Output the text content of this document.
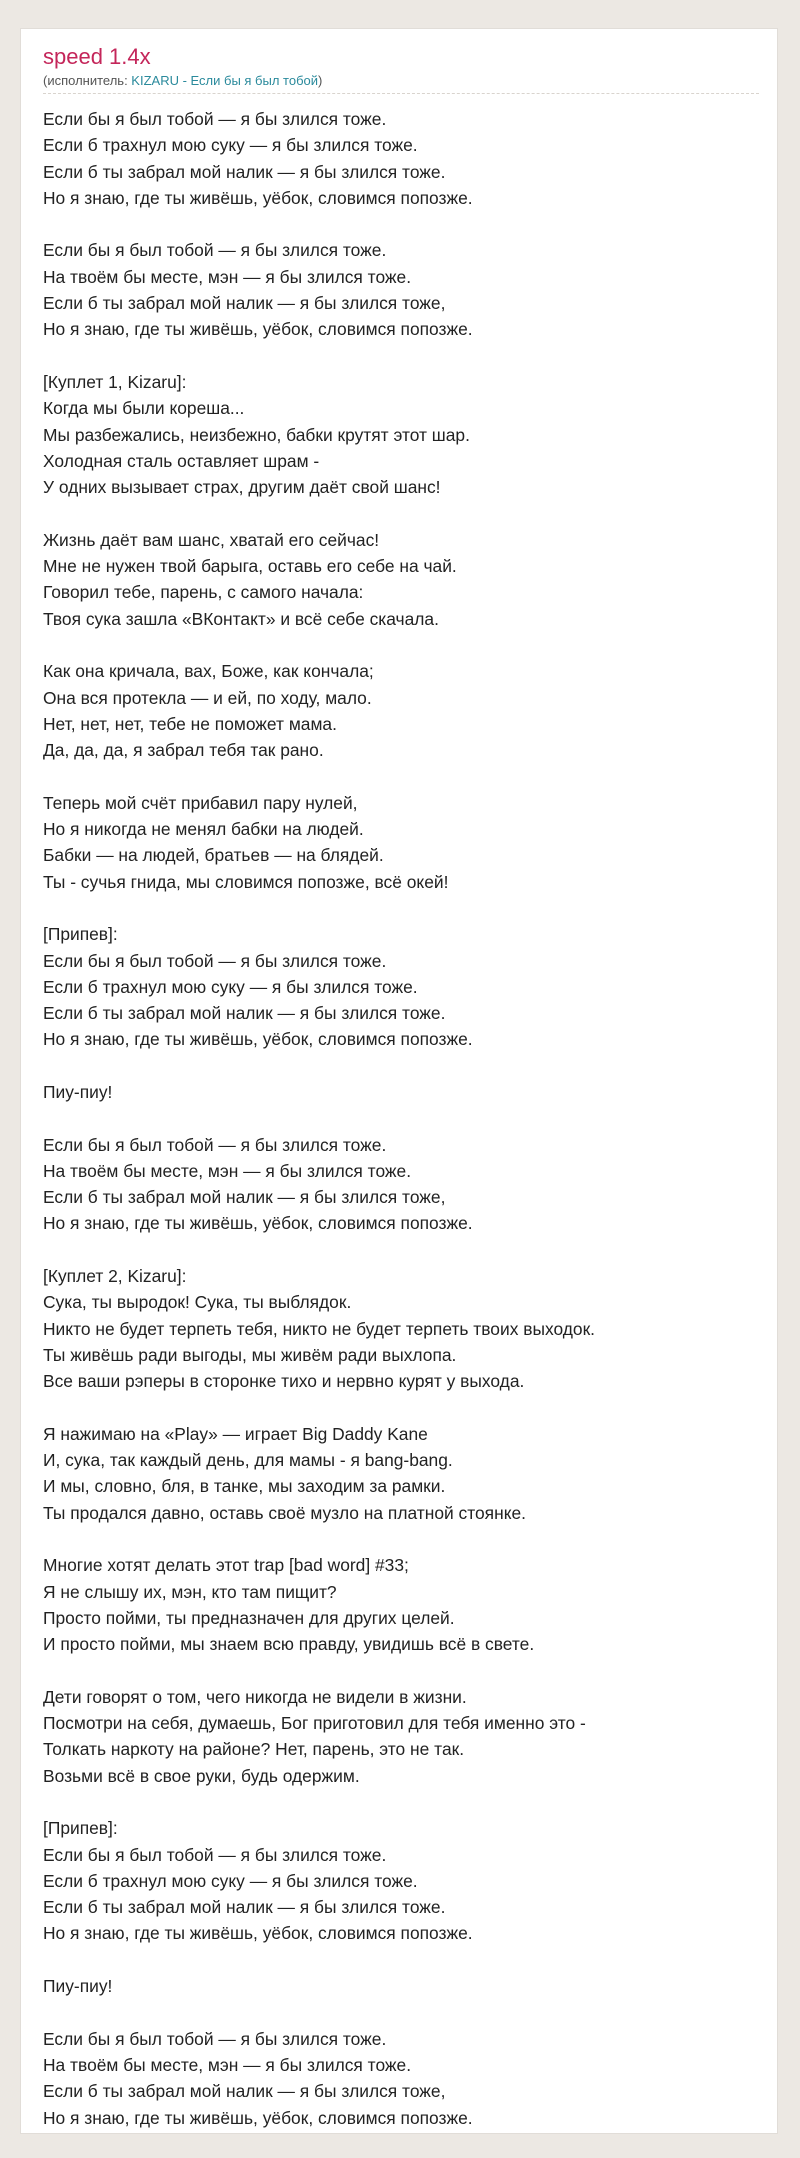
speed 1.4x
(исполнитель: KIZARU - Если бы я был тобой)
Если бы я был тобой — я бы злился тоже.
Если б трахнул мою суку — я бы злился тоже.
Если б ты забрал мой налик — я бы злился тоже.
Но я знаю, где ты живёшь, уёбок, словимся попозже.
Если бы я был тобой — я бы злился тоже.
На твоём бы месте, мэн — я бы злился тоже.
Если б ты забрал мой налик — я бы злился тоже,
Но я знаю, где ты живёшь, уёбок, словимся попозже.
[Куплет 1, Kizaru]:
Когда мы были кореша...
Мы разбежались, неизбежно, бабки крутят этот шар.
Холодная сталь оставляет шрам -
У одних вызывает страх, другим даёт свой шанс!
Жизнь даёт вам шанс, хватай его сейчас!
Мне не нужен твой барыга, оставь его себе на чай.
Говорил тебе, парень, с самого начала:
Твоя сука зашла «ВКонтакт» и всё себе скачала.
Как она кричала, вах, Боже, как кончала;
Она вся протекла — и ей, по ходу, мало.
Нет, нет, нет, тебе не поможет мама.
Да, да, да, я забрал тебя так рано.
Теперь мой счёт прибавил пару нулей,
Но я никогда не менял бабки на людей.
Бабки — на людей, братьев — на блядей.
Ты - сучья гнида, мы словимся попозже, всё окей!
[Припев]:
Если бы я был тобой — я бы злился тоже.
Если б трахнул мою суку — я бы злился тоже.
Если б ты забрал мой налик — я бы злился тоже.
Но я знаю, где ты живёшь, уёбок, словимся попозже.
Пиу-пиу!
Если бы я был тобой — я бы злился тоже.
На твоём бы месте, мэн — я бы злился тоже.
Если б ты забрал мой налик — я бы злился тоже,
Но я знаю, где ты живёшь, уёбок, словимся попозже.
[Куплет 2, Kizaru]:
Сука, ты выродок! Сука, ты выблядок.
Никто не будет терпеть тебя, никто не будет терпеть твоих выходок.
Ты живёшь ради выгоды, мы живём ради выхлопа.
Все ваши рэперы в сторонке тихо и нервно курят у выхода.
Я нажимаю на «Play» — играет Big Daddy Kane
И, сука, так каждый день, для мамы - я bang-bang.
И мы, словно, бля, в танке, мы заходим за рамки.
Ты продался давно, оставь своё музло на платной стоянке.
Многие хотят делать этот trap [bad word] #33;
Я не слышу их, мэн, кто там пищит?
Просто пойми, ты предназначен для других целей.
И просто пойми, мы знаем всю правду, увидишь всё в свете.
Дети говорят о том, чего никогда не видели в жизни.
Посмотри на себя, думаешь, Бог приготовил для тебя именно это -
Толкать наркоту на районе? Нет, парень, это не так.
Возьми всё в свое руки, будь одержим.
[Припев]:
Если бы я был тобой — я бы злился тоже.
Если б трахнул мою суку — я бы злился тоже.
Если б ты забрал мой налик — я бы злился тоже.
Но я знаю, где ты живёшь, уёбок, словимся попозже.
Пиу-пиу!
Если бы я был тобой — я бы злился тоже.
На твоём бы месте, мэн — я бы злился тоже.
Если б ты забрал мой налик — я бы злился тоже,
Но я знаю, где ты живёшь, уёбок, словимся попозже.
